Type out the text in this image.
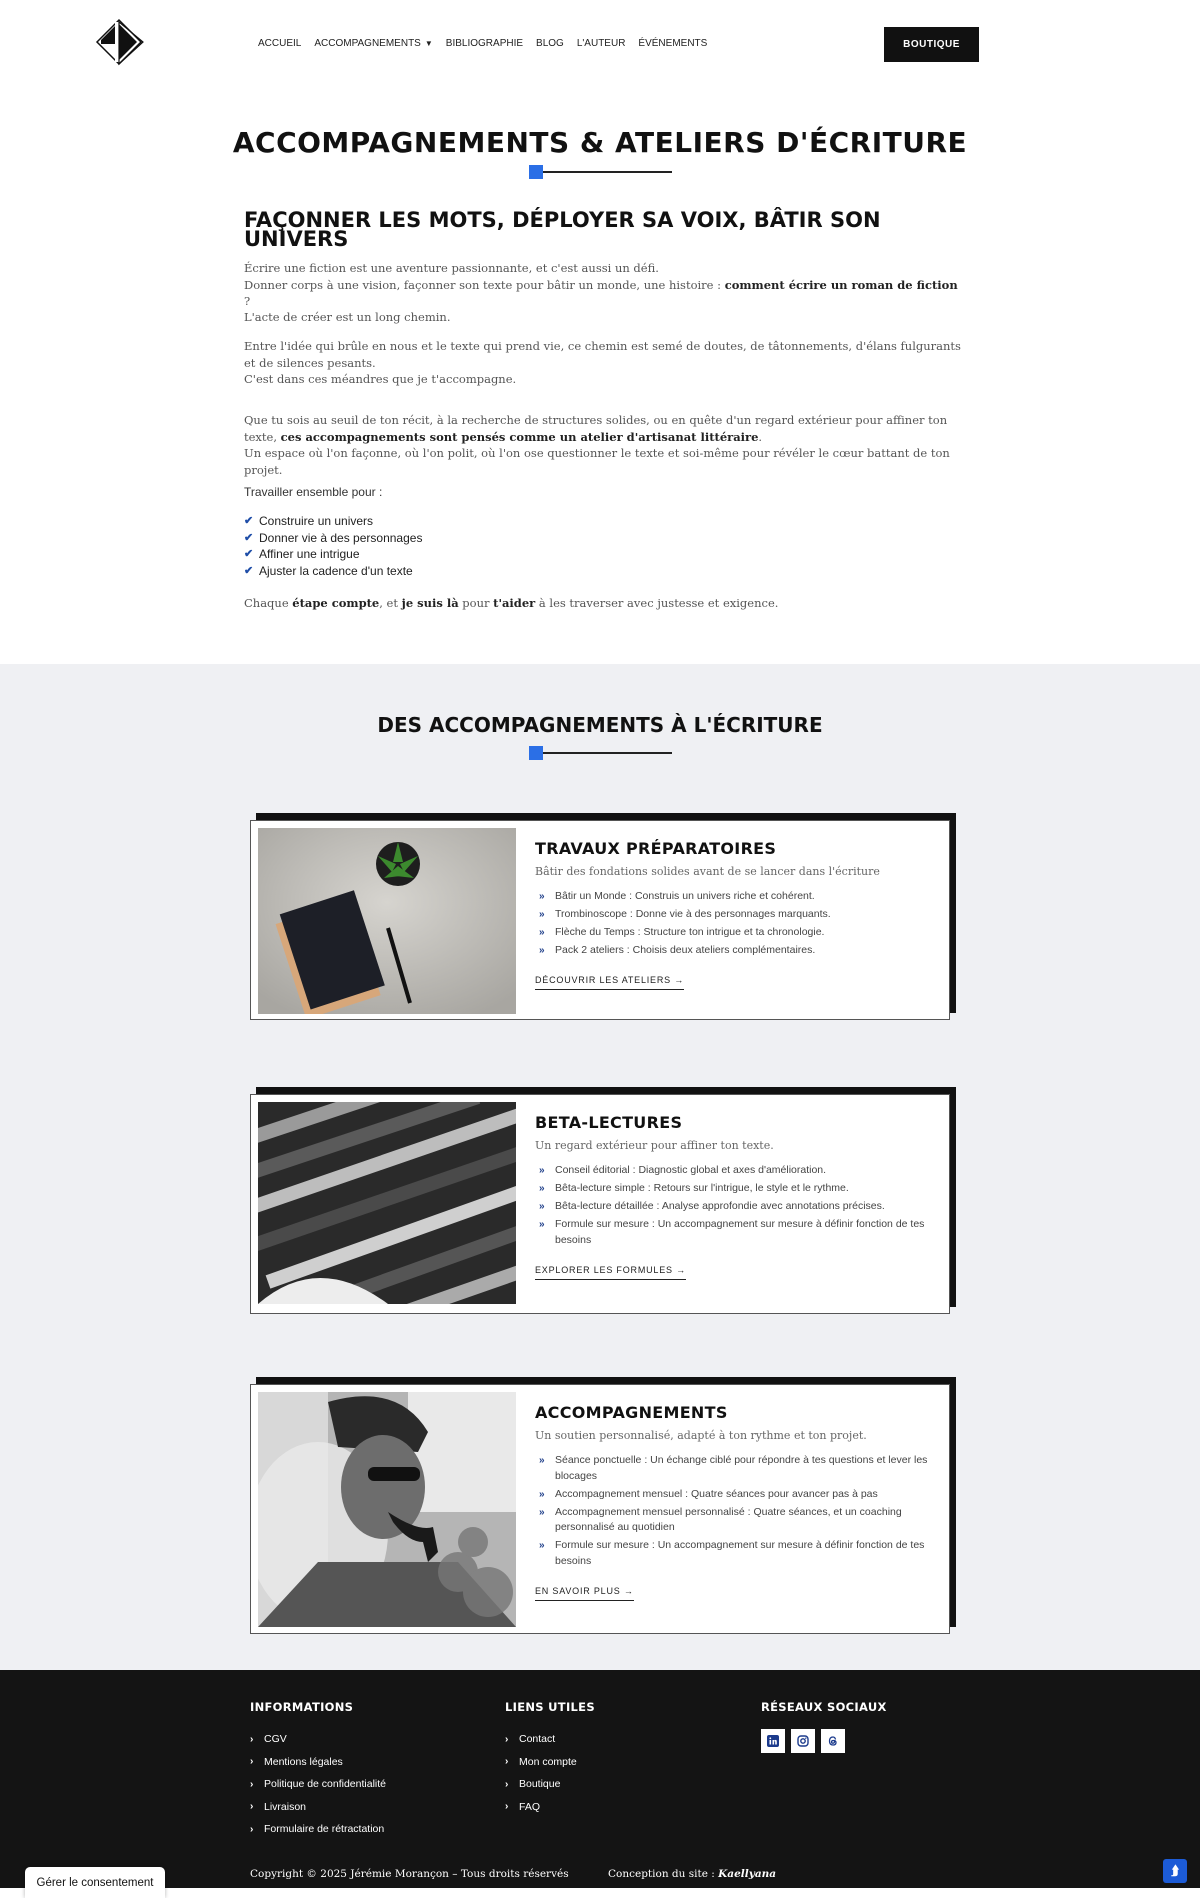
ACCUEIL ACCOMPAGNEMENTS ▼ BIBLIOGRAPHIE BLOG L'AUTEUR ÉVÉNEMENTS	BOUTIQUE
ACCOMPAGNEMENTS & ATELIERS D'ÉCRITURE
FAÇONNER LES MOTS, DÉPLOYER SA VOIX, BÂTIR SON UNIVERS
Écrire une fiction est une aventure passionnante, et c'est aussi un défi.
Donner corps à une vision, façonner son texte pour bâtir un monde, une histoire : comment écrire un roman de fiction ?
L'acte de créer est un long chemin.
Entre l'idée qui brûle en nous et le texte qui prend vie, ce chemin est semé de doutes, de tâtonnements, d'élans fulgurants et de silences pesants.
C'est dans ces méandres que je t'accompagne.
Que tu sois au seuil de ton récit, à la recherche de structures solides, ou en quête d'un regard extérieur pour affiner ton texte, ces accompagnements sont pensés comme un atelier d'artisanat littéraire.
Un espace où l'on façonne, où l'on polit, où l'on ose questionner le texte et soi-même pour révéler le cœur battant de ton projet.
Travailler ensemble pour :
✔ Construire un univers
✔ Donner vie à des personnages
✔ Affiner une intrigue
✔ Ajuster la cadence d'un texte
Chaque étape compte, et je suis là pour t'aider à les traverser avec justesse et exigence.
DES ACCOMPAGNEMENTS À L'ÉCRITURE
TRAVAUX PRÉPARATOIRES
Bâtir des fondations solides avant de se lancer dans l'écriture
» Bâtir un Monde : Construis un univers riche et cohérent.
» Trombinoscope : Donne vie à des personnages marquants.
» Flèche du Temps : Structure ton intrigue et ta chronologie.
» Pack 2 ateliers : Choisis deux ateliers complémentaires.
DÉCOUVRIR LES ATELIERS →
BETA-LECTURES
Un regard extérieur pour affiner ton texte.
» Conseil éditorial : Diagnostic global et axes d'amélioration.
» Bêta-lecture simple : Retours sur l'intrigue, le style et le rythme.
» Bêta-lecture détaillée : Analyse approfondie avec annotations précises.
» Formule sur mesure : Un accompagnement sur mesure à définir fonction de tes besoins
EXPLORER LES FORMULES →
ACCOMPAGNEMENTS
Un soutien personnalisé, adapté à ton rythme et ton projet.
» Séance ponctuelle : Un échange ciblé pour répondre à tes questions et lever les blocages
» Accompagnement mensuel : Quatre séances pour avancer pas à pas
» Accompagnement mensuel personnalisé : Quatre séances, et un coaching personnalisé au quotidien
» Formule sur mesure : Un accompagnement sur mesure à définir fonction de tes besoins
EN SAVOIR PLUS →
INFORMATIONS
›	CGV
›	Mentions légales
›	Politique de confidentialité
›	Livraison
›	Formulaire de rétractation
LIENS UTILES
›	Contact
›	Mon compte
›	Boutique
›	FAQ
RÉSEAUX SOCIAUX
Copyright © 2025 Jérémie Morançon – Tous droits réservés	Conception du site : Kaellyana
Gérer le consentement
⮭
